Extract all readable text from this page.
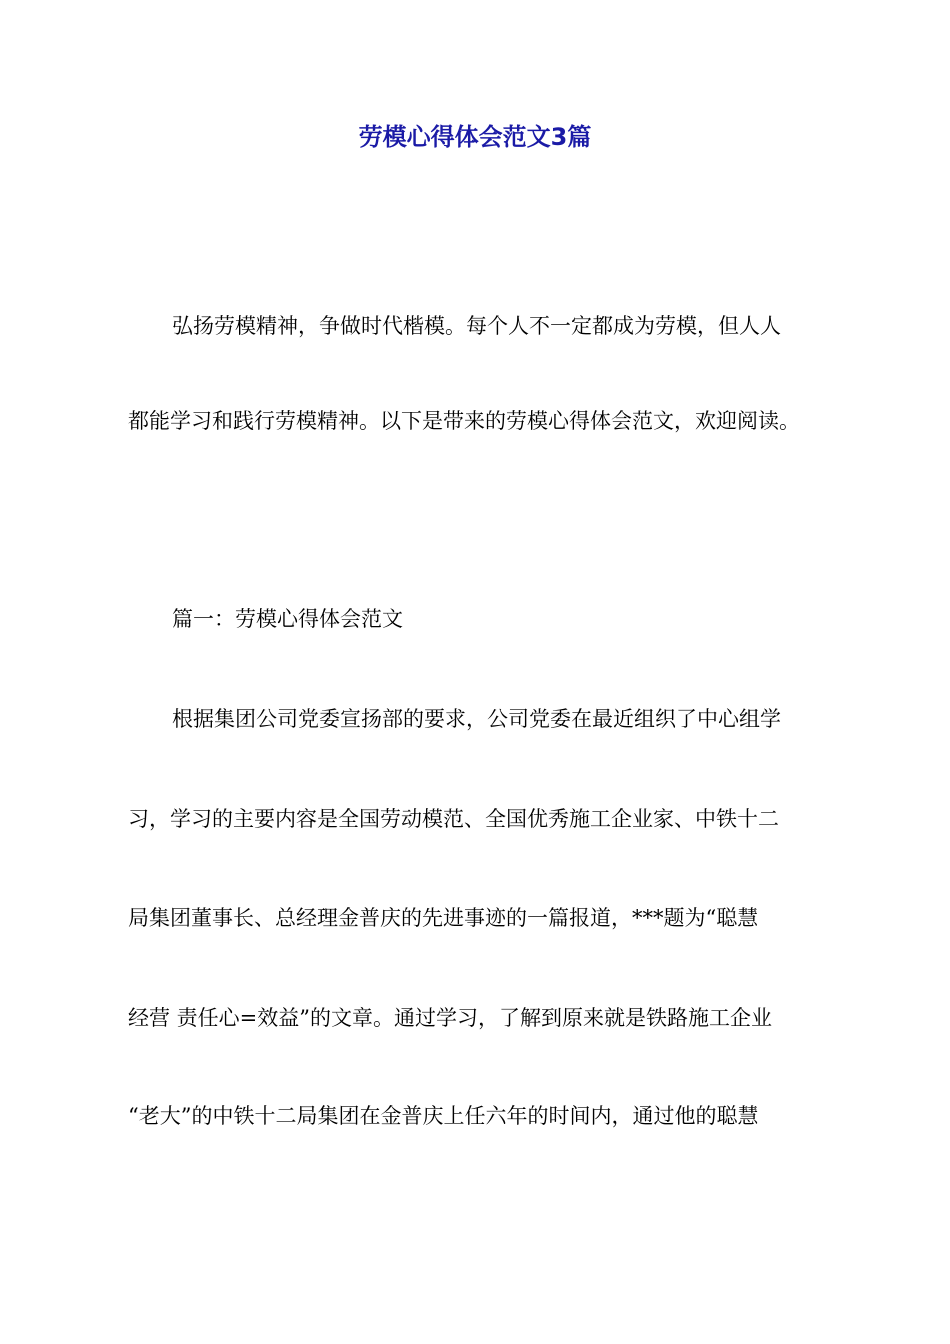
劳模心得体会范文3篇

弘扬劳模精神，争做时代楷模。每个人不一定都成为劳模，但人人

都能学习和践行劳模精神。以下是带来的劳模心得体会范文，欢迎阅读。

篇一：劳模心得体会范文

根据集团公司党委宣扬部的要求，公司党委在最近组织了中心组学

习，学习的主要内容是全国劳动模范、全国优秀施工企业家、中铁十二

局集团董事长、总经理金普庆的先进事迹的一篇报道，***题为“聪慧

经营 责任心=效益”的文章。通过学习，了解到原来就是铁路施工企业

“老大”的中铁十二局集团在金普庆上任六年的时间内，通过他的聪慧
